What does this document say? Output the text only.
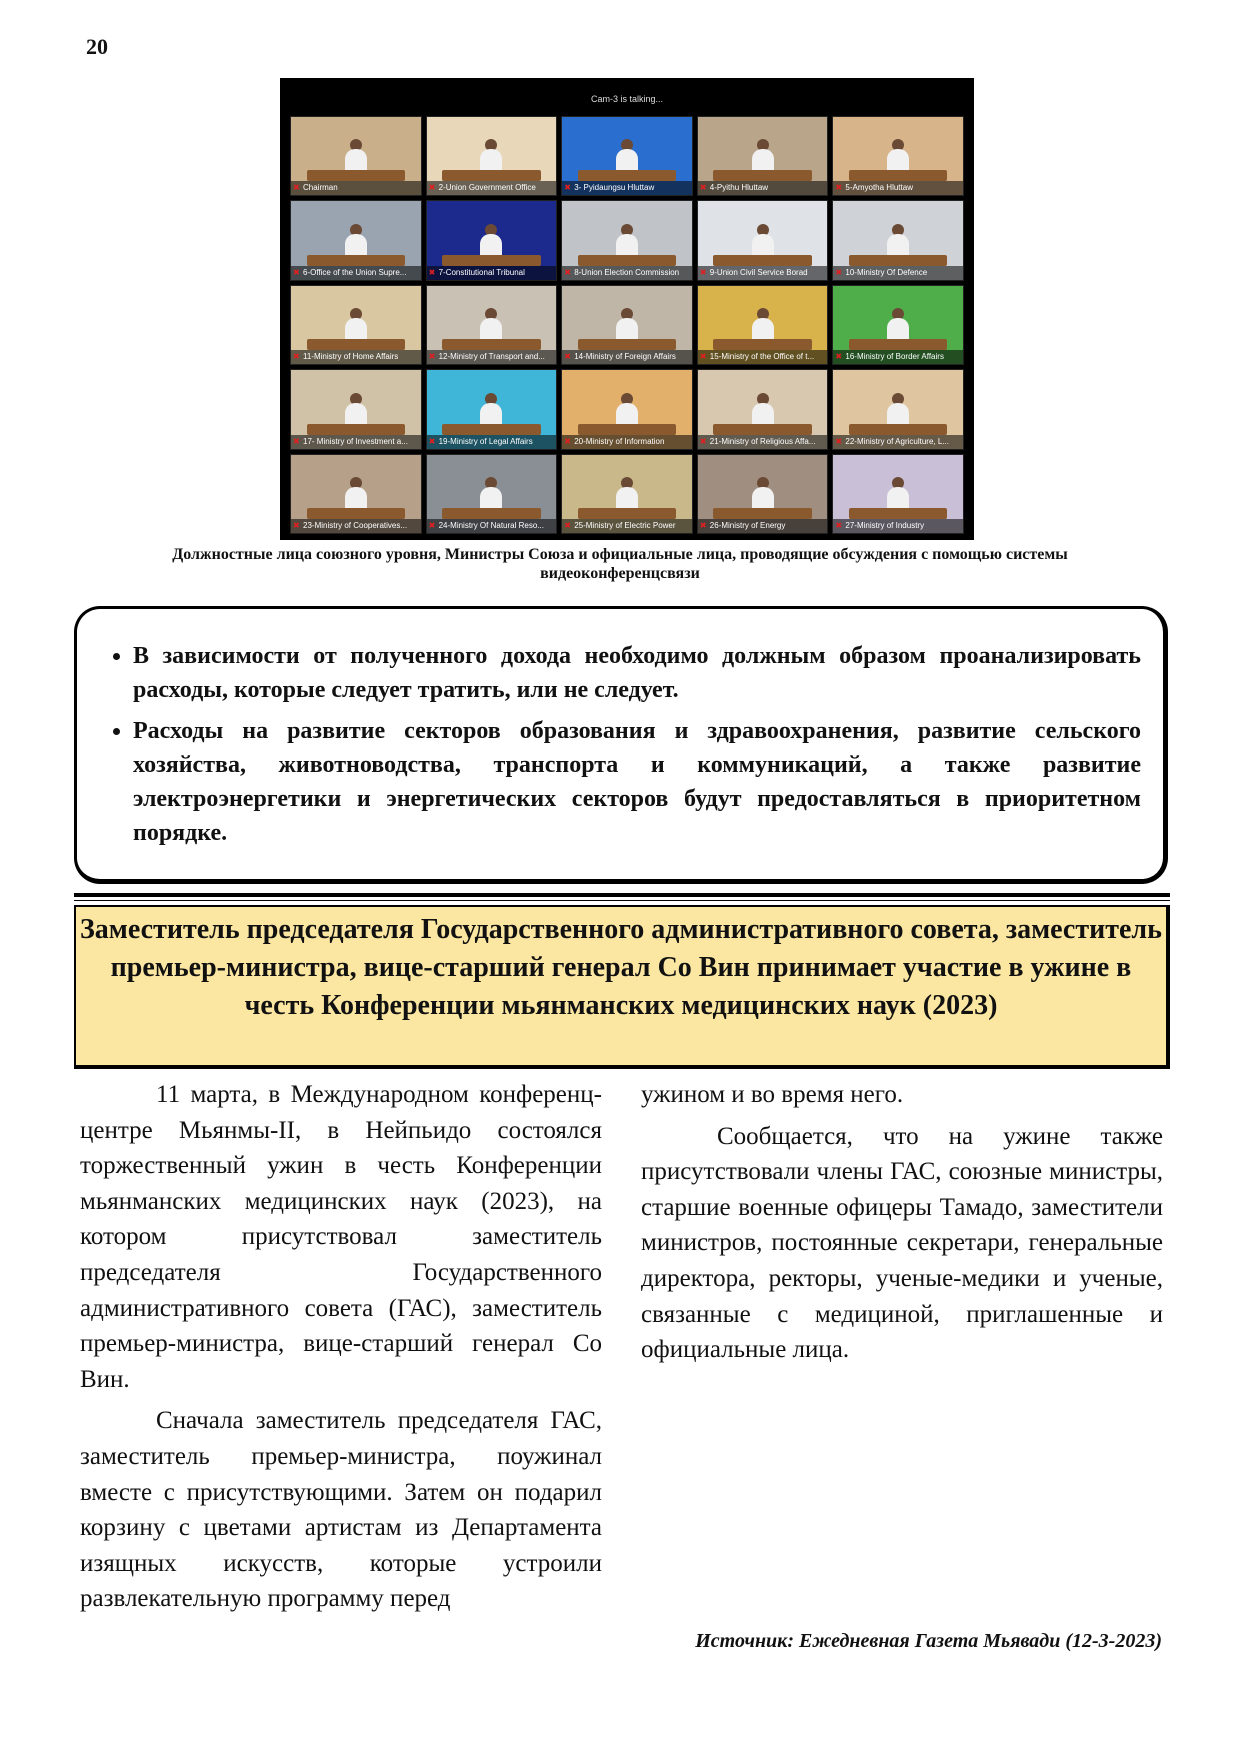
20
Cam-3 is talking...
✖ Chairman	✖ 2-Union Government Office	✖ 3- Pyidaungsu Hluttaw	✖ 4-Pyithu Hluttaw	✖ 5-Amyotha Hluttaw
✖ 6-Office of the Union Supre...	✖ 7-Constitutional Tribunal	✖ 8-Union Election Commission	✖ 9-Union Civil Service Borad	✖ 10-Ministry Of Defence
✖ 11-Ministry of Home Affairs	✖ 12-Ministry of Transport and...	✖ 14-Ministry of Foreign Affairs	✖ 15-Ministry of the Office of t...	✖ 16-Ministry of Border Affairs
✖ 17- Ministry of Investment a...	✖ 19-Ministry of Legal Affairs	✖ 20-Ministry of Information	✖ 21-Ministry of Religious Affa...	✖ 22-Ministry of Agriculture, L...
✖ 23-Ministry of Cooperatives...	✖ 24-Ministry Of Natural Reso...	✖ 25-Ministry of Electric Power	✖ 26-Ministry of Energy	✖ 27-Ministry of Industry
Должностные лица союзного уровня, Министры Союза и официальные лица, проводящие обсуждения с помощью системы видеоконференцсвязи
• В зависимости от полученного дохода необходимо должным образом проанализировать расходы, которые следует тратить, или не следует.
• Расходы на развитие секторов образования и здравоохранения, развитие сельского хозяйства, животноводства, транспорта и коммуникаций, а также развитие электроэнергетики и энергетических секторов будут предоставляться в приоритетном порядке.
Заместитель председателя Государственного административного совета, заместитель премьер-министра, вице-старший генерал Со Вин принимает участие в ужине в честь Конференции мьянманских медицинских наук (2023)

11 марта, в Международном конференц-центре Мьянмы-II, в Нейпьидо состоялся торжественный ужин в честь Конференции мьянманских медицинских наук (2023), на котором присутствовал заместитель председателя Государственного административного совета (ГАС), заместитель премьер-министра, вице-старший генерал Со Вин.

Сначала заместитель председателя ГАС, заместитель премьер-министра, поужинал вместе с присутствующими. Затем он подарил корзину с цветами артистам из Департамента изящных искусств, которые устроили развлекательную программу перед

ужином и во время него.

Сообщается, что на ужине также присутствовали члены ГАС, союзные министры, старшие военные офицеры Тамадо, заместители министров, постоянные секретари, генеральные директора, ректоры, ученые-медики и ученые, связанные с медициной, приглашенные и официальные лица.

Источник: Ежедневная Газета Мьявади (12-3-2023)
